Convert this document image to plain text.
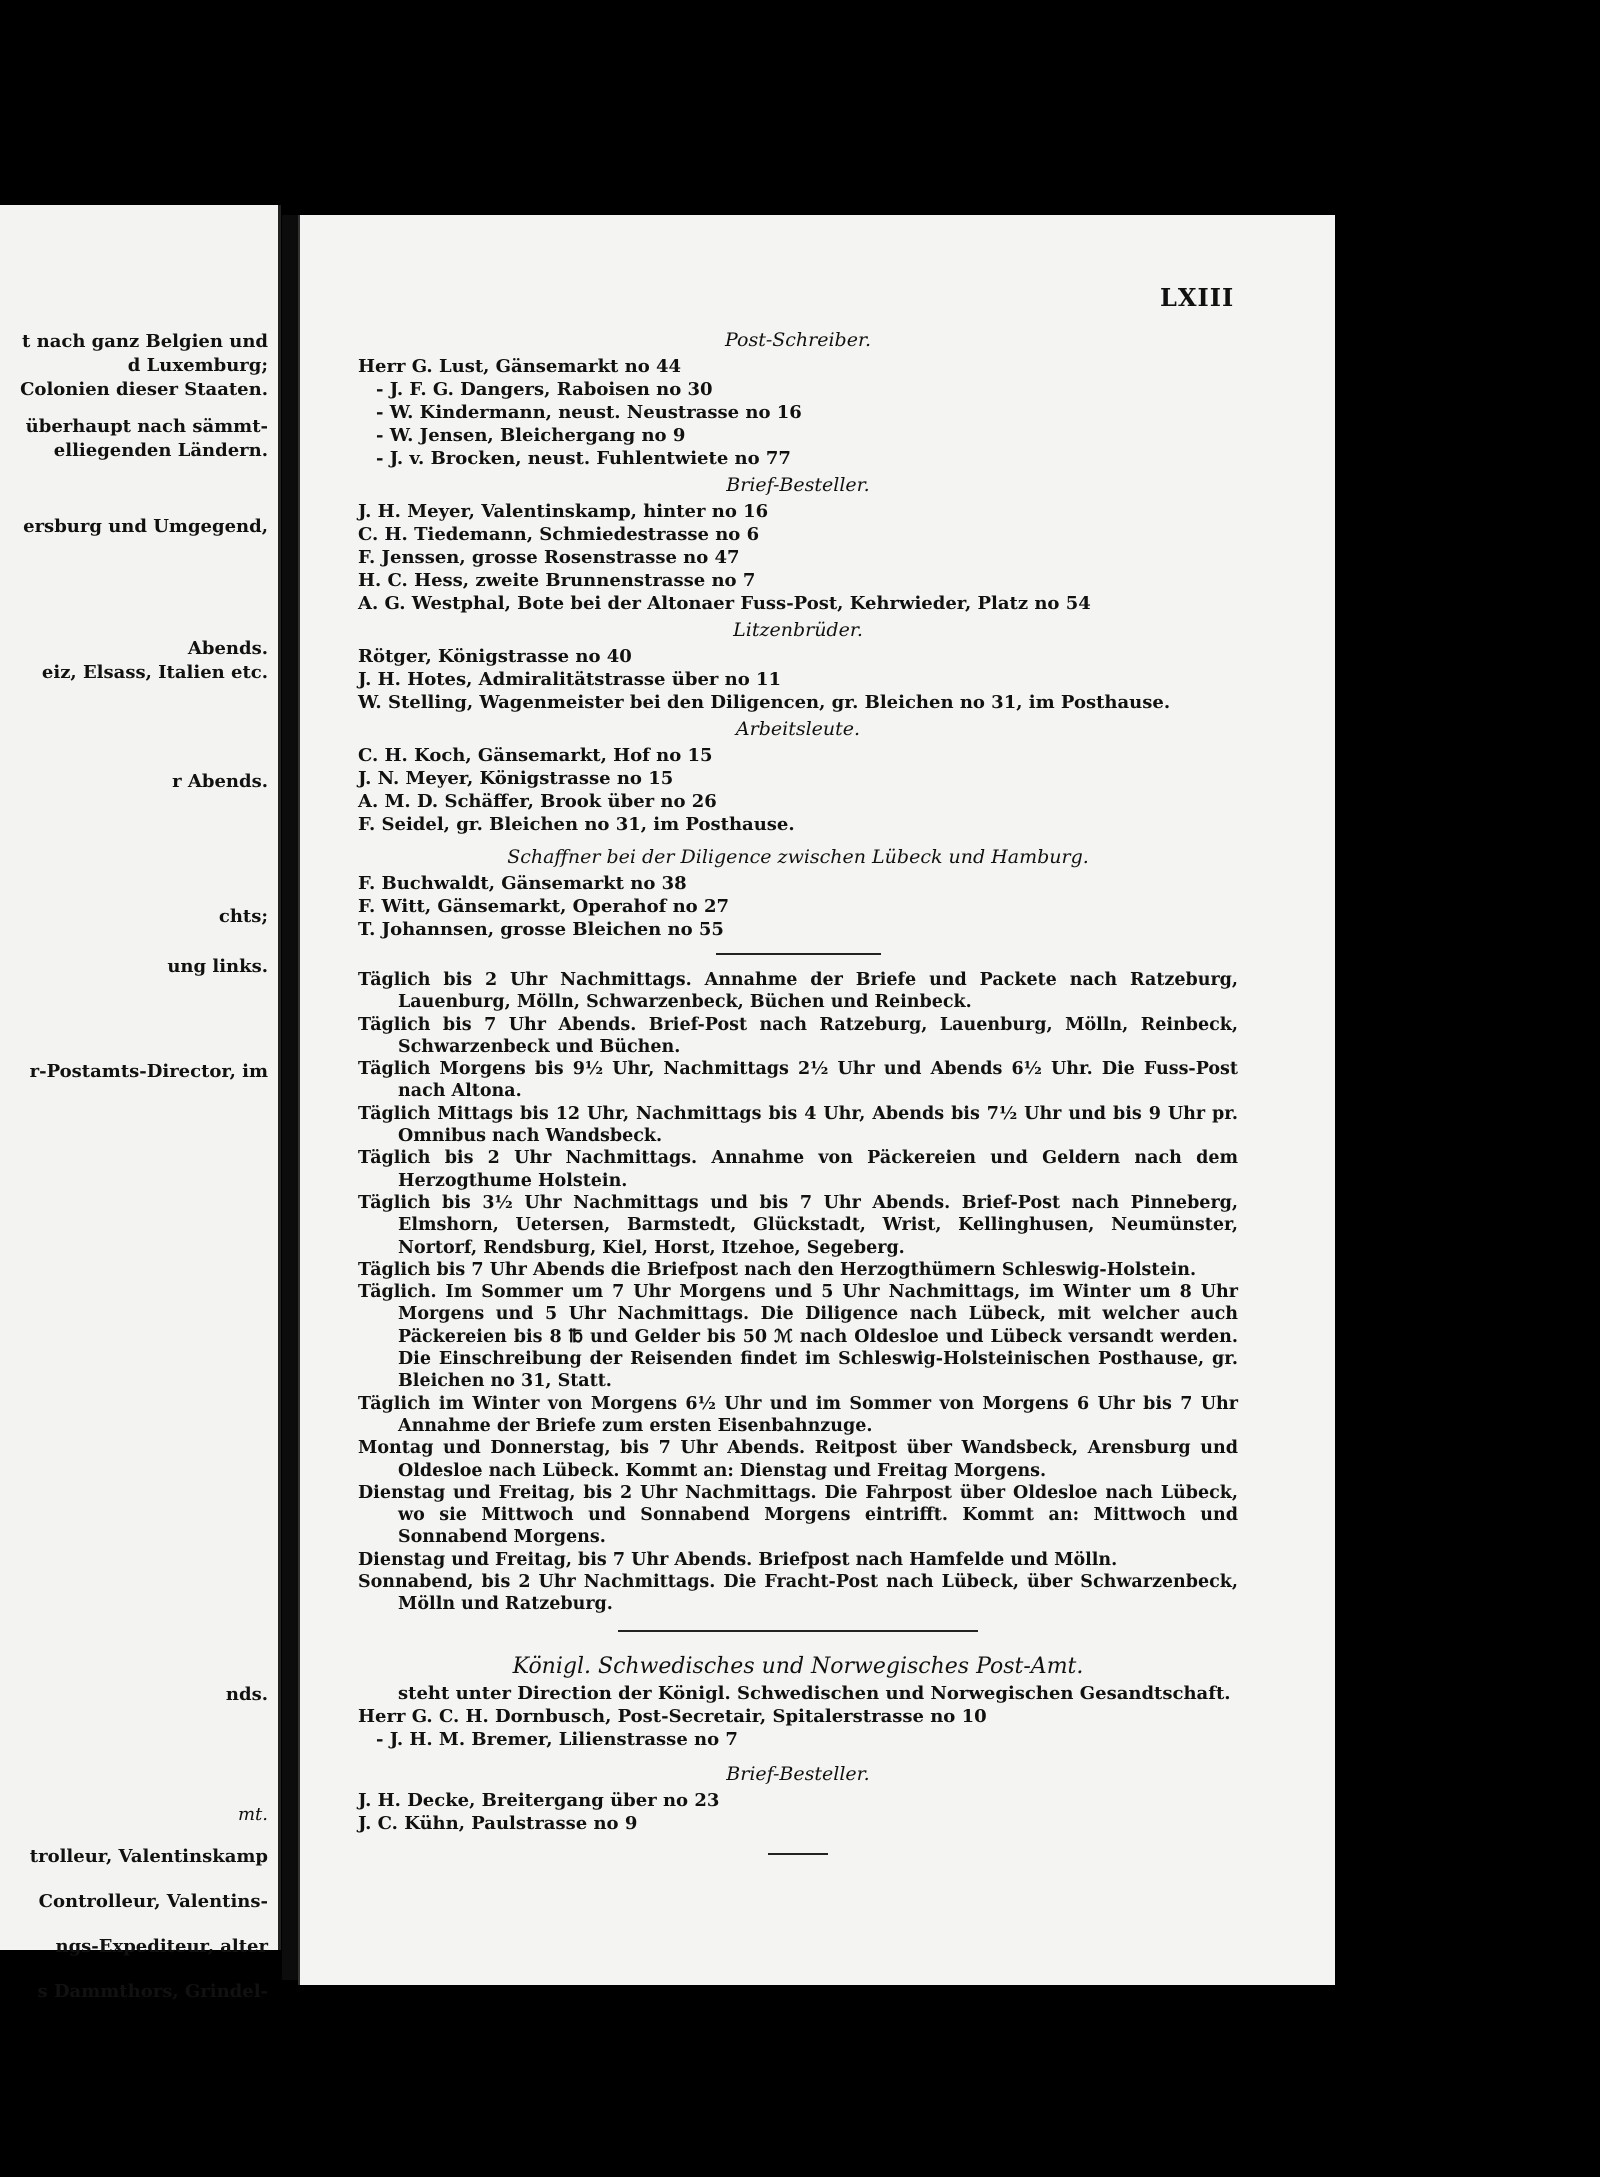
t nach ganz Belgien und
d Luxemburg;
Colonien dieser Staaten.
überhaupt nach sämmt-
elliegenden Ländern.
ersburg und Umgegend,
Abends.
eiz, Elsass, Italien etc.
r Abends.
chts;
ung links.
r-Postamts-Director, im
nds.
mt.
trolleur, Valentinskamp
Controlleur, Valentins-
ngs-Expediteur, alter
s Dammthors, Grindel-
LXIII
Post-Schreiber.
Herr G. Lust, Gänsemarkt no 44
- J. F. G. Dangers, Raboisen no 30
- W. Kindermann, neust. Neustrasse no 16
- W. Jensen, Bleichergang no 9
- J. v. Brocken, neust. Fuhlentwiete no 77
Brief-Besteller.
J. H. Meyer, Valentinskamp, hinter no 16
C. H. Tiedemann, Schmiedestrasse no 6
F. Jenssen, grosse Rosenstrasse no 47
H. C. Hess, zweite Brunnenstrasse no 7
A. G. Westphal, Bote bei der Altonaer Fuss-Post, Kehrwieder, Platz no 54
Litzenbrüder.
Rötger, Königstrasse no 40
J. H. Hotes, Admiralitätstrasse über no 11
W. Stelling, Wagenmeister bei den Diligencen, gr. Bleichen no 31, im Posthause.
Arbeitsleute.
C. H. Koch, Gänsemarkt, Hof no 15
J. N. Meyer, Königstrasse no 15
A. M. D. Schäffer, Brook über no 26
F. Seidel, gr. Bleichen no 31, im Posthause.
Schaffner bei der Diligence zwischen Lübeck und Hamburg.
F. Buchwaldt, Gänsemarkt no 38
F. Witt, Gänsemarkt, Operahof no 27
T. Johannsen, grosse Bleichen no 55
Täglich bis 2 Uhr Nachmittags. Annahme der Briefe und Packete nach Ratzeburg, Lauenburg, Mölln, Schwarzenbeck, Büchen und Reinbeck.
Täglich bis 7 Uhr Abends. Brief-Post nach Ratzeburg, Lauenburg, Mölln, Reinbeck, Schwarzenbeck und Büchen.
Täglich Morgens bis 9½ Uhr, Nachmittags 2½ Uhr und Abends 6½ Uhr. Die Fuss-Post nach Altona.
Täglich Mittags bis 12 Uhr, Nachmittags bis 4 Uhr, Abends bis 7½ Uhr und bis 9 Uhr pr. Omnibus nach Wandsbeck.
Täglich bis 2 Uhr Nachmittags. Annahme von Päckereien und Geldern nach dem Herzogthume Holstein.
Täglich bis 3½ Uhr Nachmittags und bis 7 Uhr Abends. Brief-Post nach Pinneberg, Elmshorn, Uetersen, Barmstedt, Glückstadt, Wrist, Kellinghusen, Neumünster, Nortorf, Rendsburg, Kiel, Horst, Itzehoe, Segeberg.
Täglich bis 7 Uhr Abends die Briefpost nach den Herzogthümern Schleswig-Holstein.
Täglich. Im Sommer um 7 Uhr Morgens und 5 Uhr Nachmittags, im Winter um 8 Uhr Morgens und 5 Uhr Nachmittags. Die Diligence nach Lübeck, mit welcher auch Päckereien bis 8 ℔ und Gelder bis 50 ℳ nach Oldesloe und Lübeck versandt werden. Die Einschreibung der Reisenden findet im Schleswig-Holsteinischen Posthause, gr. Bleichen no 31, Statt.
Täglich im Winter von Morgens 6½ Uhr und im Sommer von Morgens 6 Uhr bis 7 Uhr Annahme der Briefe zum ersten Eisenbahnzuge.
Montag und Donnerstag, bis 7 Uhr Abends. Reitpost über Wandsbeck, Arensburg und Oldesloe nach Lübeck. Kommt an: Dienstag und Freitag Morgens.
Dienstag und Freitag, bis 2 Uhr Nachmittags. Die Fahrpost über Oldesloe nach Lübeck, wo sie Mittwoch und Sonnabend Morgens eintrifft. Kommt an: Mittwoch und Sonnabend Morgens.
Dienstag und Freitag, bis 7 Uhr Abends. Briefpost nach Hamfelde und Mölln.
Sonnabend, bis 2 Uhr Nachmittags. Die Fracht-Post nach Lübeck, über Schwarzenbeck, Mölln und Ratzeburg.
Königl. Schwedisches und Norwegisches Post-Amt.
steht unter Direction der Königl. Schwedischen und Norwegischen Gesandtschaft.
Herr G. C. H. Dornbusch, Post-Secretair, Spitalerstrasse no 10
- J. H. M. Bremer, Lilienstrasse no 7
Brief-Besteller.
J. H. Decke, Breitergang über no 23
J. C. Kühn, Paulstrasse no 9
